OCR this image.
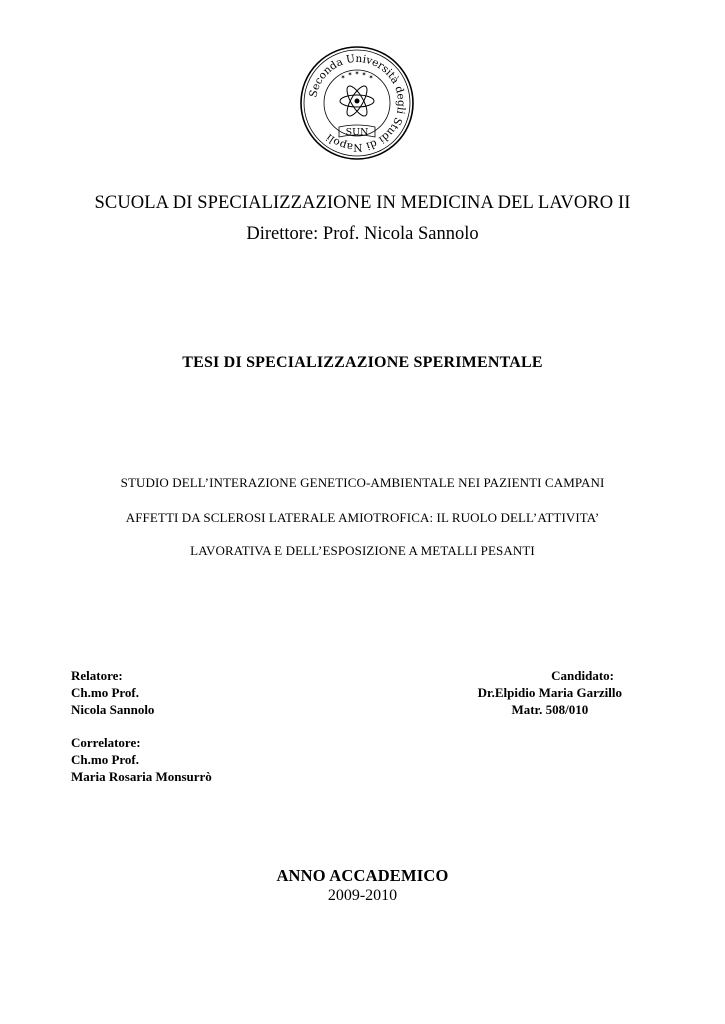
Seconda Università degli Studi di Napoli
✶ ✶ ✶ ✶ ✶
SUN
SCUOLA DI SPECIALIZZAZIONE IN MEDICINA DEL LAVORO II
Direttore: Prof. Nicola Sannolo
TESI DI SPECIALIZZAZIONE SPERIMENTALE
STUDIO DELL’INTERAZIONE GENETICO-AMBIENTALE NEI PAZIENTI CAMPANI
AFFETTI DA SCLEROSI LATERALE AMIOTROFICA: IL RUOLO DELL’ATTIVITA’
LAVORATIVA E DELL’ESPOSIZIONE A METALLI PESANTI
Relatore:
Ch.mo Prof.
Nicola Sannolo
Candidato:
Dr.Elpidio Maria Garzillo
Matr. 508/010
Correlatore:
Ch.mo Prof.
Maria Rosaria Monsurrò
ANNO ACCADEMICO
2009-2010
